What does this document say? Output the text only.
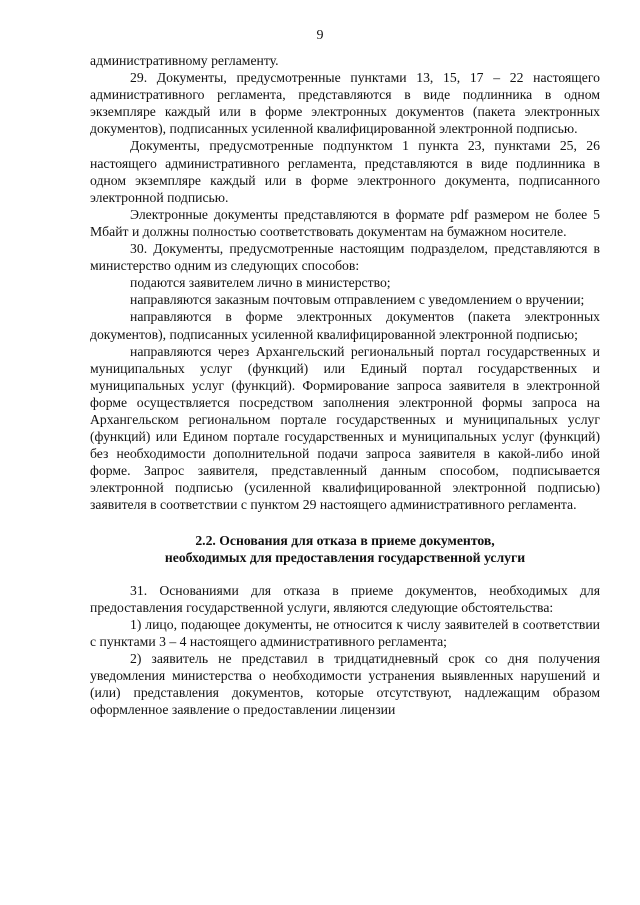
9

административному регламенту.

29. Документы, предусмотренные пунктами 13, 15, 17 – 22 настоящего административного регламента, представляются в виде подлинника в одном экземпляре каждый или в форме электронных документов (пакета электронных документов), подписанных усиленной квалифицированной электронной подписью.

Документы, предусмотренные подпунктом 1 пункта 23, пунктами 25, 26 настоящего административного регламента, представляются в виде подлинника в одном экземпляре каждый или в форме электронного документа, подписанного электронной подписью.

Электронные документы представляются в формате pdf размером не более 5 Мбайт и должны полностью соответствовать документам на бумажном носителе.

30. Документы, предусмотренные настоящим подразделом, представляются в министерство одним из следующих способов:

подаются заявителем лично в министерство;

направляются заказным почтовым отправлением с уведомлением о вручении;

направляются в форме электронных документов (пакета электронных документов), подписанных усиленной квалифицированной электронной подписью;

направляются через Архангельский региональный портал государственных и муниципальных услуг (функций) или Единый портал государственных и муниципальных услуг (функций). Формирование запроса заявителя в электронной форме осуществляется посредством заполнения электронной формы запроса на Архангельском региональном портале государственных и муниципальных услуг (функций) или Едином портале государственных и муниципальных услуг (функций) без необходимости дополнительной подачи запроса заявителя в какой-либо иной форме. Запрос заявителя, представленный данным способом, подписывается электронной подписью (усиленной квалифицированной электронной подписью) заявителя в соответствии с пунктом 29 настоящего административного регламента.

2.2. Основания для отказа в приеме документов,
необходимых для предоставления государственной услуги

31. Основаниями для отказа в приеме документов, необходимых для предоставления государственной услуги, являются следующие обстоятельства:

1) лицо, подающее документы, не относится к числу заявителей в соответствии с пунктами 3 – 4 настоящего административного регламента;

2) заявитель не представил в тридцатидневный срок со дня получения уведомления министерства о необходимости устранения выявленных нарушений и (или) представления документов, которые отсутствуют, надлежащим образом оформленное заявление о предоставлении лицензии
